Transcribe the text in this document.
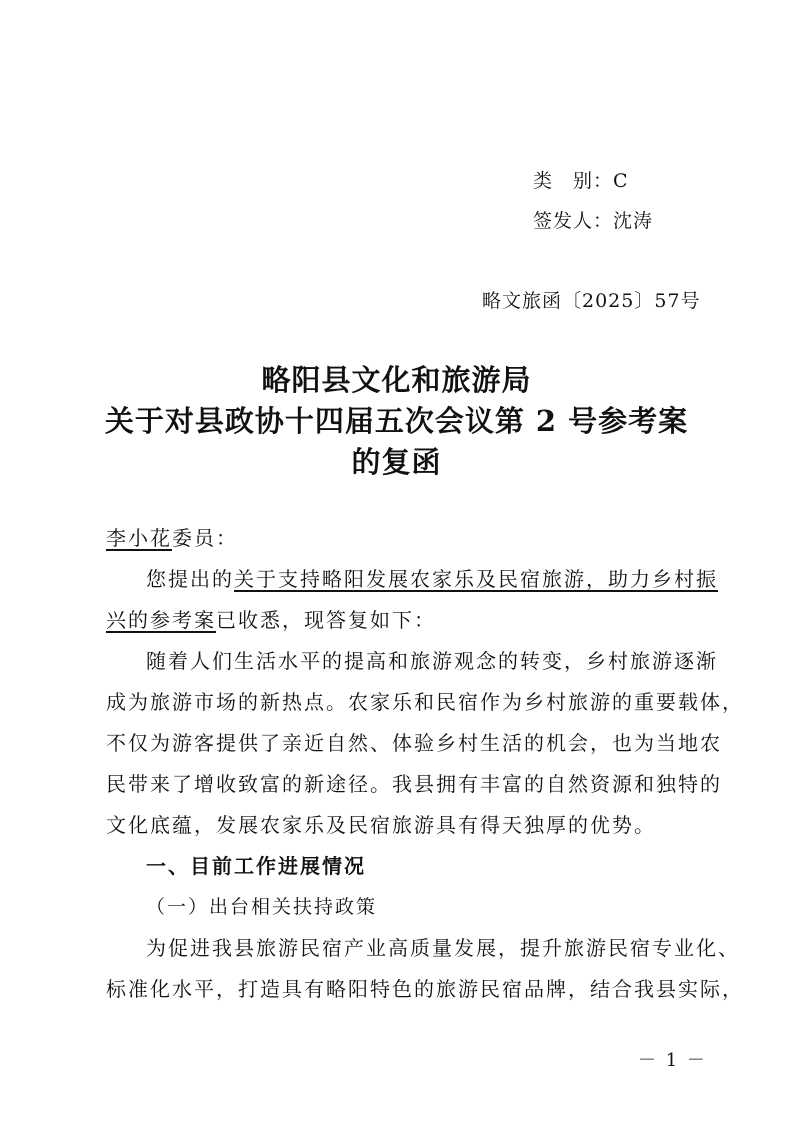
类　别：C
签发人：沈涛
略文旅函〔2025〕57号
略阳县文化和旅游局
关于对县政协十四届五次会议第 2 号参考案
的复函
李小花委员：
您提出的关于支持略阳发展农家乐及民宿旅游，助力乡村振
兴的参考案已收悉，现答复如下：
随着人们生活水平的提高和旅游观念的转变，乡村旅游逐渐
成为旅游市场的新热点。农家乐和民宿作为乡村旅游的重要载体，
不仅为游客提供了亲近自然、体验乡村生活的机会，也为当地农
民带来了增收致富的新途径。我县拥有丰富的自然资源和独特的
文化底蕴，发展农家乐及民宿旅游具有得天独厚的优势。
一、目前工作进展情况
（一）出台相关扶持政策
为促进我县旅游民宿产业高质量发展，提升旅游民宿专业化、
标准化水平，打造具有略阳特色的旅游民宿品牌，结合我县实际，
－ 1 －
